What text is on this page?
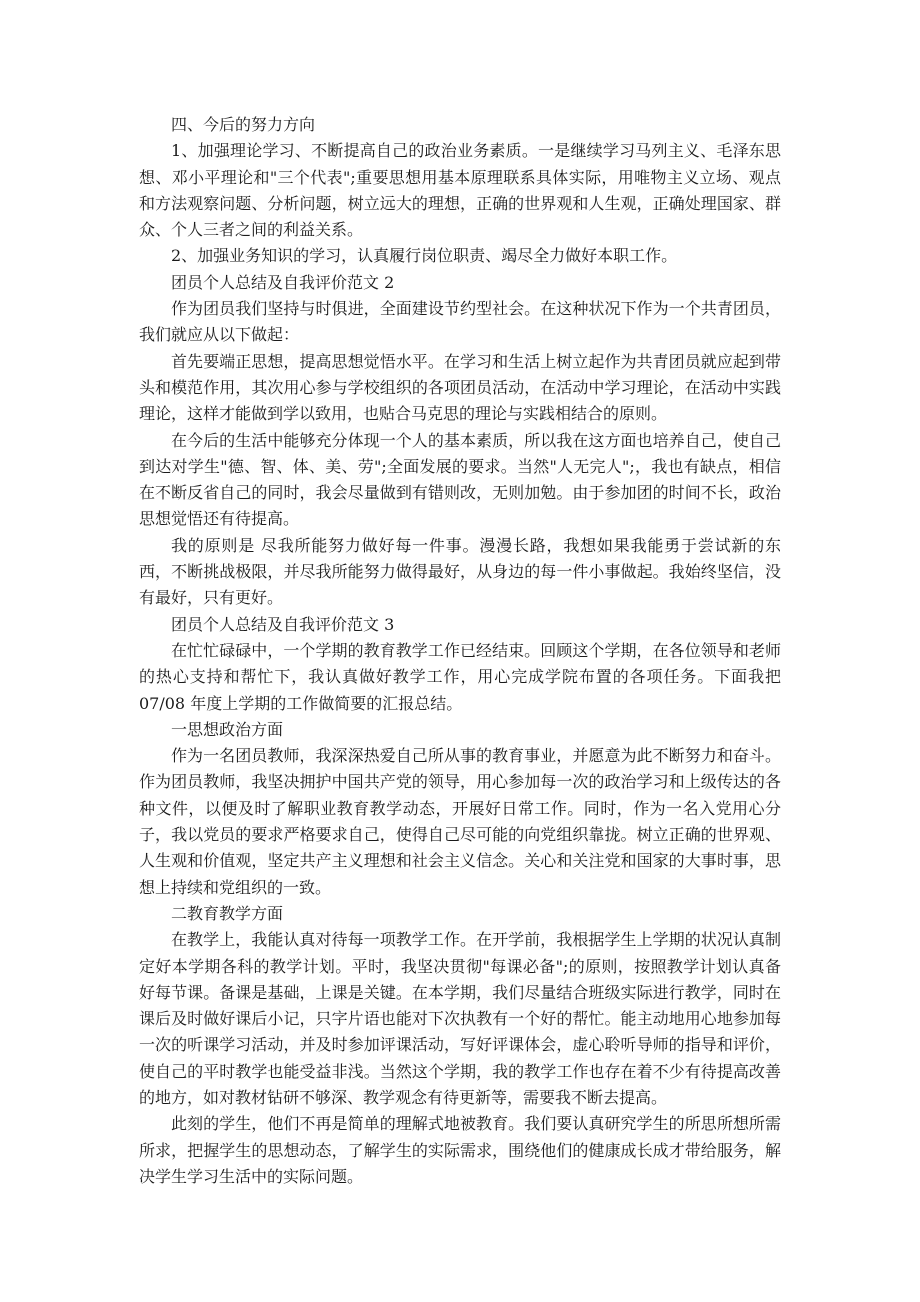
四、今后的努力方向

1、加强理论学习、不断提高自己的政治业务素质。一是继续学习马列主义、毛泽东思想、邓小平理论和"三个代表";重要思想用基本原理联系具体实际，用唯物主义立场、观点和方法观察问题、分析问题，树立远大的理想，正确的世界观和人生观，正确处理国家、群众、个人三者之间的利益关系。

2、加强业务知识的学习，认真履行岗位职责、竭尽全力做好本职工作。

团员个人总结及自我评价范文 2

作为团员我们坚持与时俱进，全面建设节约型社会。在这种状况下作为一个共青团员，我们就应从以下做起：

首先要端正思想，提高思想觉悟水平。在学习和生活上树立起作为共青团员就应起到带头和模范作用，其次用心参与学校组织的各项团员活动，在活动中学习理论，在活动中实践理论，这样才能做到学以致用，也贴合马克思的理论与实践相结合的原则。

在今后的生活中能够充分体现一个人的基本素质，所以我在这方面也培养自己，使自己到达对学生"德、智、体、美、劳";全面发展的要求。当然"人无完人";，我也有缺点，相信在不断反省自己的同时，我会尽量做到有错则改，无则加勉。由于参加团的时间不长，政治思想觉悟还有待提高。

我的原则是 尽我所能努力做好每一件事。漫漫长路，我想如果我能勇于尝试新的东西，不断挑战极限，并尽我所能努力做得最好，从身边的每一件小事做起。我始终坚信，没有最好，只有更好。

团员个人总结及自我评价范文 3

在忙忙碌碌中，一个学期的教育教学工作已经结束。回顾这个学期，在各位领导和老师的热心支持和帮忙下，我认真做好教学工作，用心完成学院布置的各项任务。下面我把 07/08 年度上学期的工作做简要的汇报总结。

一思想政治方面

作为一名团员教师，我深深热爱自己所从事的教育事业，并愿意为此不断努力和奋斗。作为团员教师，我坚决拥护中国共产党的领导，用心参加每一次的政治学习和上级传达的各种文件，以便及时了解职业教育教学动态，开展好日常工作。同时，作为一名入党用心分子，我以党员的要求严格要求自己，使得自己尽可能的向党组织靠拢。树立正确的世界观、人生观和价值观，坚定共产主义理想和社会主义信念。关心和关注党和国家的大事时事，思想上持续和党组织的一致。

二教育教学方面

在教学上，我能认真对待每一项教学工作。在开学前，我根据学生上学期的状况认真制定好本学期各科的教学计划。平时，我坚决贯彻"每课必备";的原则，按照教学计划认真备好每节课。备课是基础，上课是关键。在本学期，我们尽量结合班级实际进行教学，同时在课后及时做好课后小记，只字片语也能对下次执教有一个好的帮忙。能主动地用心地参加每一次的听课学习活动，并及时参加评课活动，写好评课体会，虚心聆听导师的指导和评价，使自己的平时教学也能受益非浅。当然这个学期，我的教学工作也存在着不少有待提高改善的地方，如对教材钻研不够深、教学观念有待更新等，需要我不断去提高。

此刻的学生，他们不再是简单的理解式地被教育。我们要认真研究学生的所思所想所需所求，把握学生的思想动态，了解学生的实际需求，围绕他们的健康成长成才带给服务，解决学生学习生活中的实际问题。
